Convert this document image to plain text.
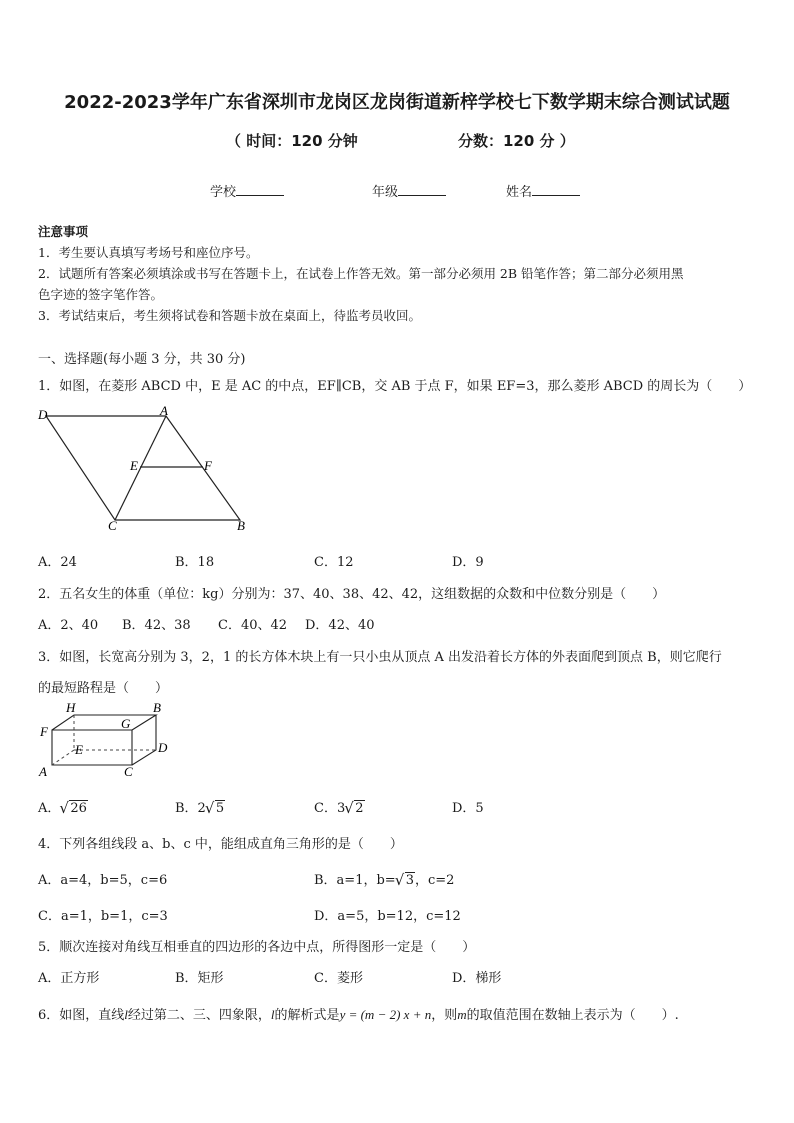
2022-2023学年广东省深圳市龙岗区龙岗街道新梓学校七下数学期末综合测试试题
（ 时间：120 分钟	分数：120 分 ）
学校	年级	姓名
注意事项
1．考生要认真填写考场号和座位序号。
2．试题所有答案必须填涂或书写在答题卡上，在试卷上作答无效。第一部分必须用 2B 铅笔作答；第二部分必须用黑
色字迹的签字笔作答。
3．考试结束后，考生须将试卷和答题卡放在桌面上，待监考员收回。
一、选择题(每小题 3 分，共 30 分)
1．如图，在菱形 ABCD 中，E 是 AC 的中点，EF∥CB，交 AB 于点 F，如果 EF=3，那么菱形 ABCD 的周长为（　　）
D	A
E	F
C	B
A．24	B．18	C．12	D．9
2．五名女生的体重（单位：kg）分别为：37、40、38、42、42，这组数据的众数和中位数分别是（　　）
A．2、40 B．42、38 C．40、42 D．42、40
3．如图，长宽高分别为 3，2，1 的长方体木块上有一只小虫从顶点 A 出发沿着长方体的外表面爬到顶点 B，则它爬行
的最短路程是（　　）
H	B
G
F
D
E
A	C
A． √ 26	B．2 √ 5	C．3 √ 2	D．5
4．下列各组线段 a、b、c 中，能组成直角三角形的是（　　）
A．a=4，b=5，c=6	B．a=1，b= √ 3，c=2
C．a=1，b=1，c=3	D．a=5，b=12，c=12
5．顺次连接对角线互相垂直的四边形的各边中点，所得图形一定是（　　）
A．正方形	B．矩形	C．菱形	D．梯形
6．如图，直线l经过第二、三、四象限，l的解析式是y = (m − 2) x + n，则m的取值范围在数轴上表示为（　　）.
